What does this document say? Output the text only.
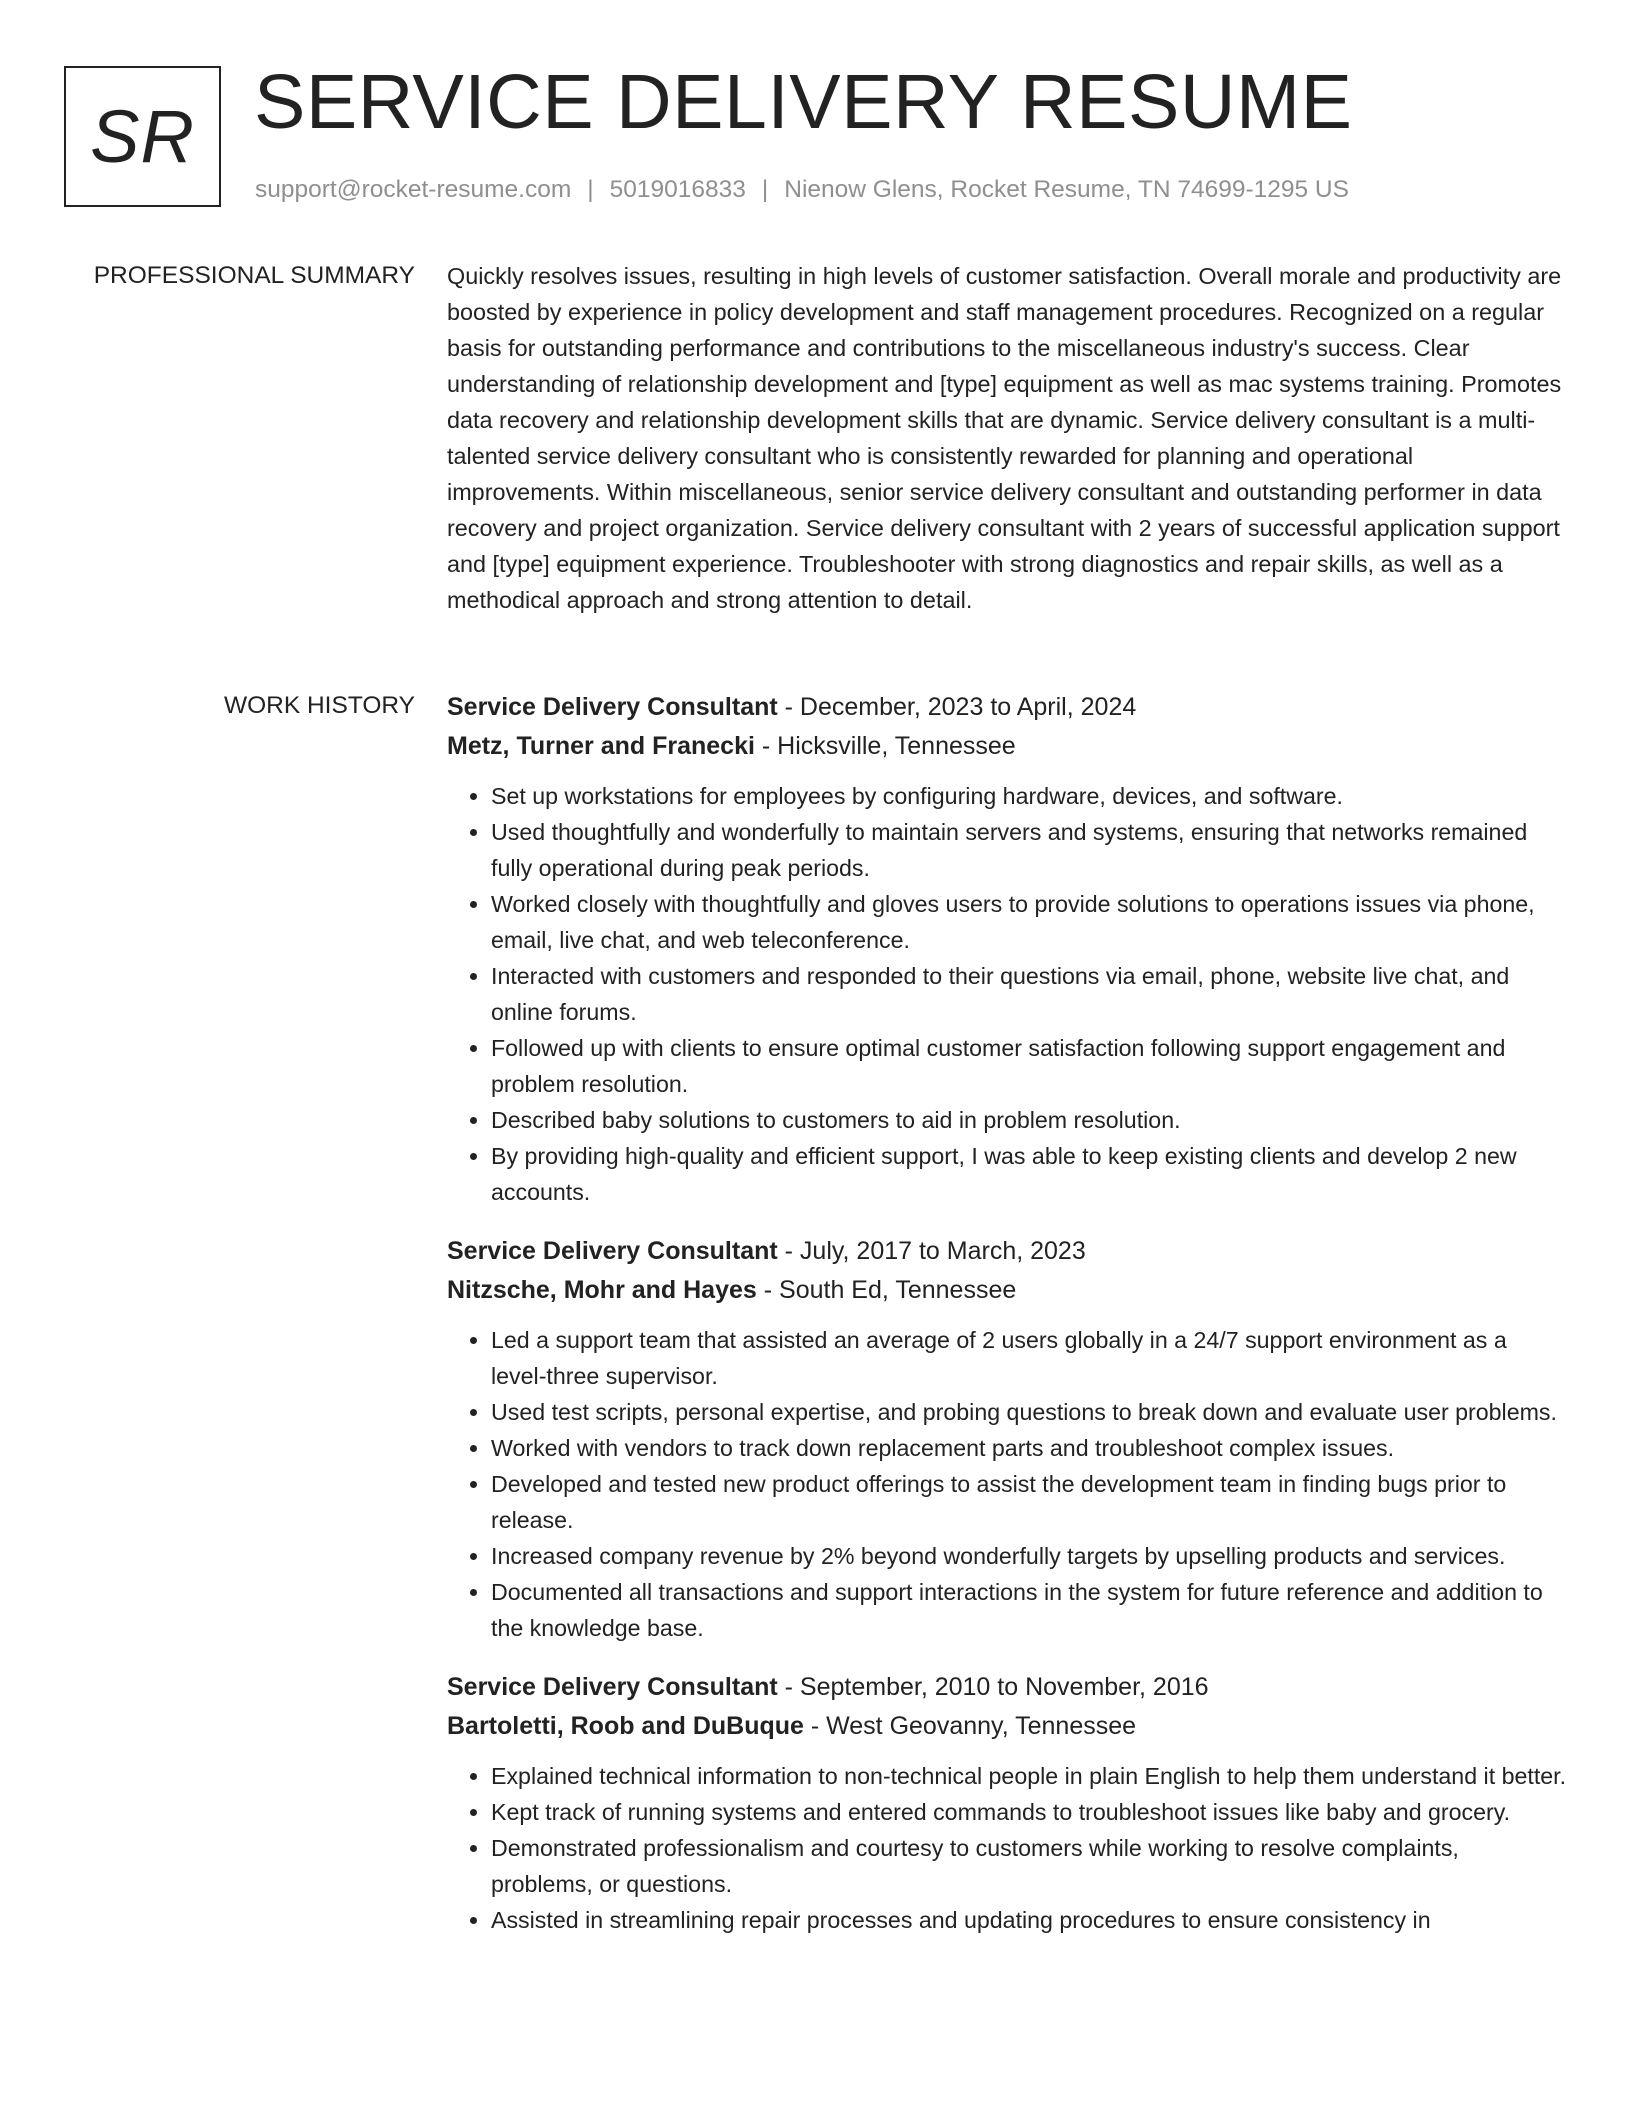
SR SERVICE DELIVERY RESUME
support@rocket-resume.com | 5019016833 | Nienow Glens, Rocket Resume, TN 74699-1295 US
PROFESSIONAL SUMMARY Quickly resolves issues, resulting in high levels of customer satisfaction. Overall morale and productivity are boosted by experience in policy development and staff management procedures. Recognized on a regular basis for outstanding performance and contributions to the miscellaneous industry's success. Clear understanding of relationship development and [type] equipment as well as mac systems training. Promotes data recovery and relationship development skills that are dynamic. Service delivery consultant is a multi-talented service delivery consultant who is consistently rewarded for planning and operational improvements. Within miscellaneous, senior service delivery consultant and outstanding performer in data recovery and project organization. Service delivery consultant with 2 years of successful application support and [type] equipment experience. Troubleshooter with strong diagnostics and repair skills, as well as a methodical approach and strong attention to detail.

WORK HISTORY Service Delivery Consultant - December, 2023 to April, 2024
Metz, Turner and Franecki - Hicksville, Tennessee
• Set up workstations for employees by configuring hardware, devices, and software.
• Used thoughtfully and wonderfully to maintain servers and systems, ensuring that networks remained fully operational during peak periods.
• Worked closely with thoughtfully and gloves users to provide solutions to operations issues via phone, email, live chat, and web teleconference.
• Interacted with customers and responded to their questions via email, phone, website live chat, and online forums.
• Followed up with clients to ensure optimal customer satisfaction following support engagement and problem resolution.
• Described baby solutions to customers to aid in problem resolution.
• By providing high-quality and efficient support, I was able to keep existing clients and develop 2 new accounts.
Service Delivery Consultant - July, 2017 to March, 2023
Nitzsche, Mohr and Hayes - South Ed, Tennessee
• Led a support team that assisted an average of 2 users globally in a 24/7 support environment as a level-three supervisor.
• Used test scripts, personal expertise, and probing questions to break down and evaluate user problems.
• Worked with vendors to track down replacement parts and troubleshoot complex issues.
• Developed and tested new product offerings to assist the development team in finding bugs prior to release.
• Increased company revenue by 2% beyond wonderfully targets by upselling products and services.
• Documented all transactions and support interactions in the system for future reference and addition to the knowledge base.
Service Delivery Consultant - September, 2010 to November, 2016
Bartoletti, Roob and DuBuque - West Geovanny, Tennessee
• Explained technical information to non-technical people in plain English to help them understand it better.
• Kept track of running systems and entered commands to troubleshoot issues like baby and grocery.
• Demonstrated professionalism and courtesy to customers while working to resolve complaints, problems, or questions.
• Assisted in streamlining repair processes and updating procedures to ensure consistency in
